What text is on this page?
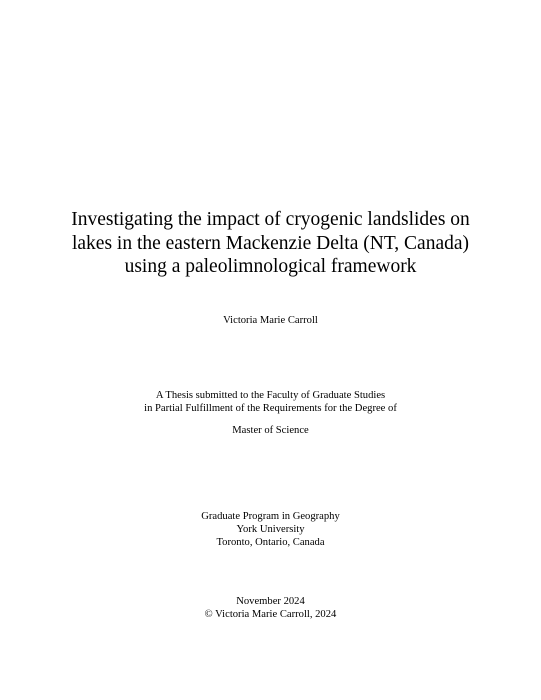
Investigating the impact of cryogenic landslides on
lakes in the eastern Mackenzie Delta (NT, Canada)
using a paleolimnological framework
Victoria Marie Carroll
A Thesis submitted to the Faculty of Graduate Studies
in Partial Fulfillment of the Requirements for the Degree of
Master of Science
Graduate Program in Geography
York University
Toronto, Ontario, Canada
November 2024
© Victoria Marie Carroll, 2024
